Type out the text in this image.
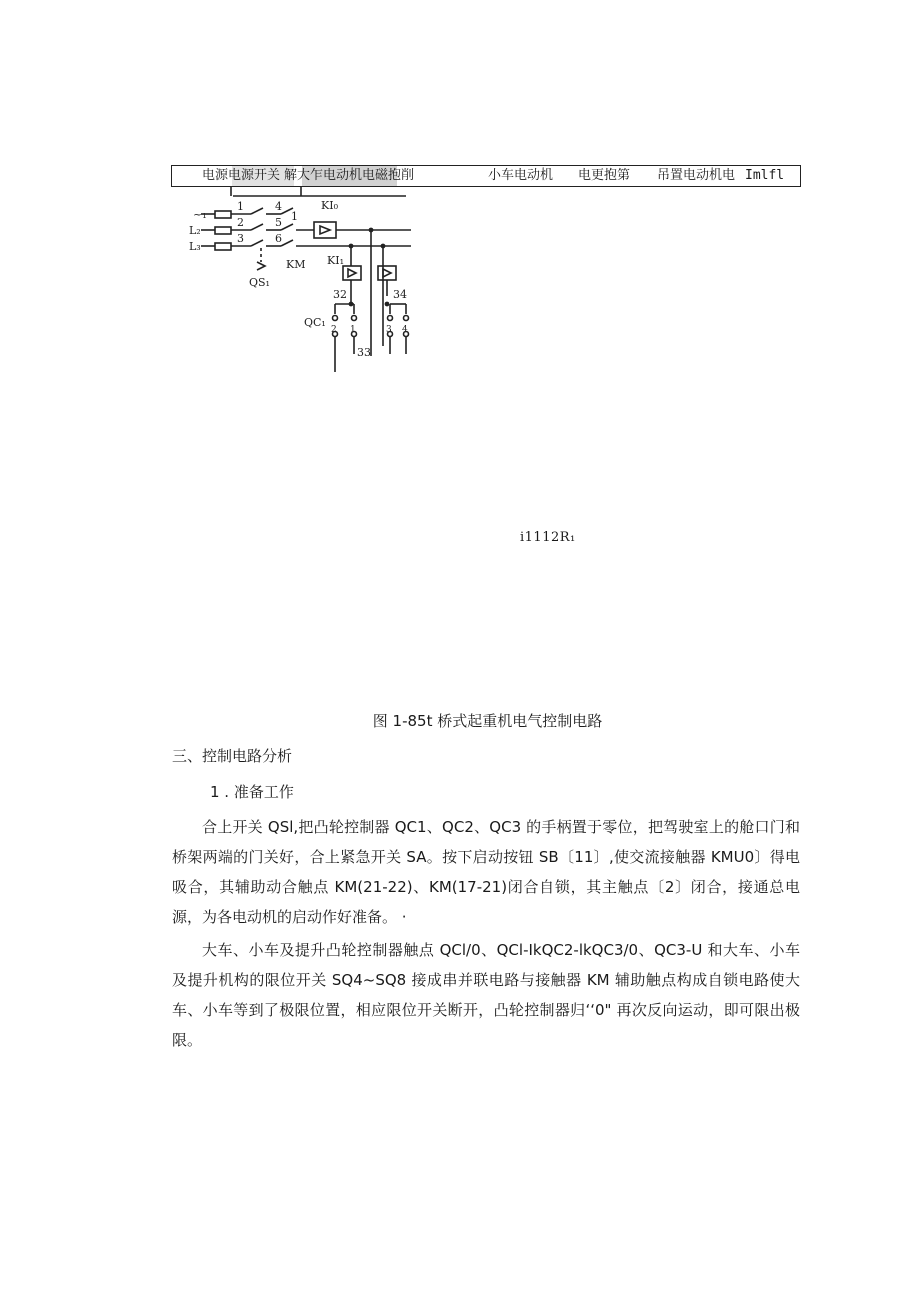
电源电源开关 解大乍电动机电磁抱削	小车电动机 电更抱第 吊置电动机电 Imlfl
~₁
L₂
L₃
1
2
3
4
5
6
1
QS₁
KM
KI₀
KI₁
32	34
QC₁
2 1	3 4
33
i1112R₁
图 1-85t 桥式起重机电气控制电路
三、控制电路分析
1 . 准备工作

合上开关 QSl,把凸轮控制器 QC1、QC2、QC3 的手柄置于零位，把驾驶室上的舱口门和桥架两端的门关好，合上紧急开关 SA。按下启动按钮 SB〔11〕,使交流接触器 KMU0〕得电吸合，其辅助动合触点 KM(21-22)、KM(17-21)闭合自锁，其主触点〔2〕闭合，接通总电源，为各电动机的启动作好准备。 ·

大车、小车及提升凸轮控制器触点 QCl/0、QCl-IkQC2-lkQC3/0、QC3-U 和大车、小车及提升机构的限位开关 SQ4~SQ8 接成串并联电路与接触器 KM 辅助触点构成自锁电路使大车、小车等到了极限位置，相应限位开关断开，凸轮控制器归‘‘0" 再次反向运动，即可限出极限。
